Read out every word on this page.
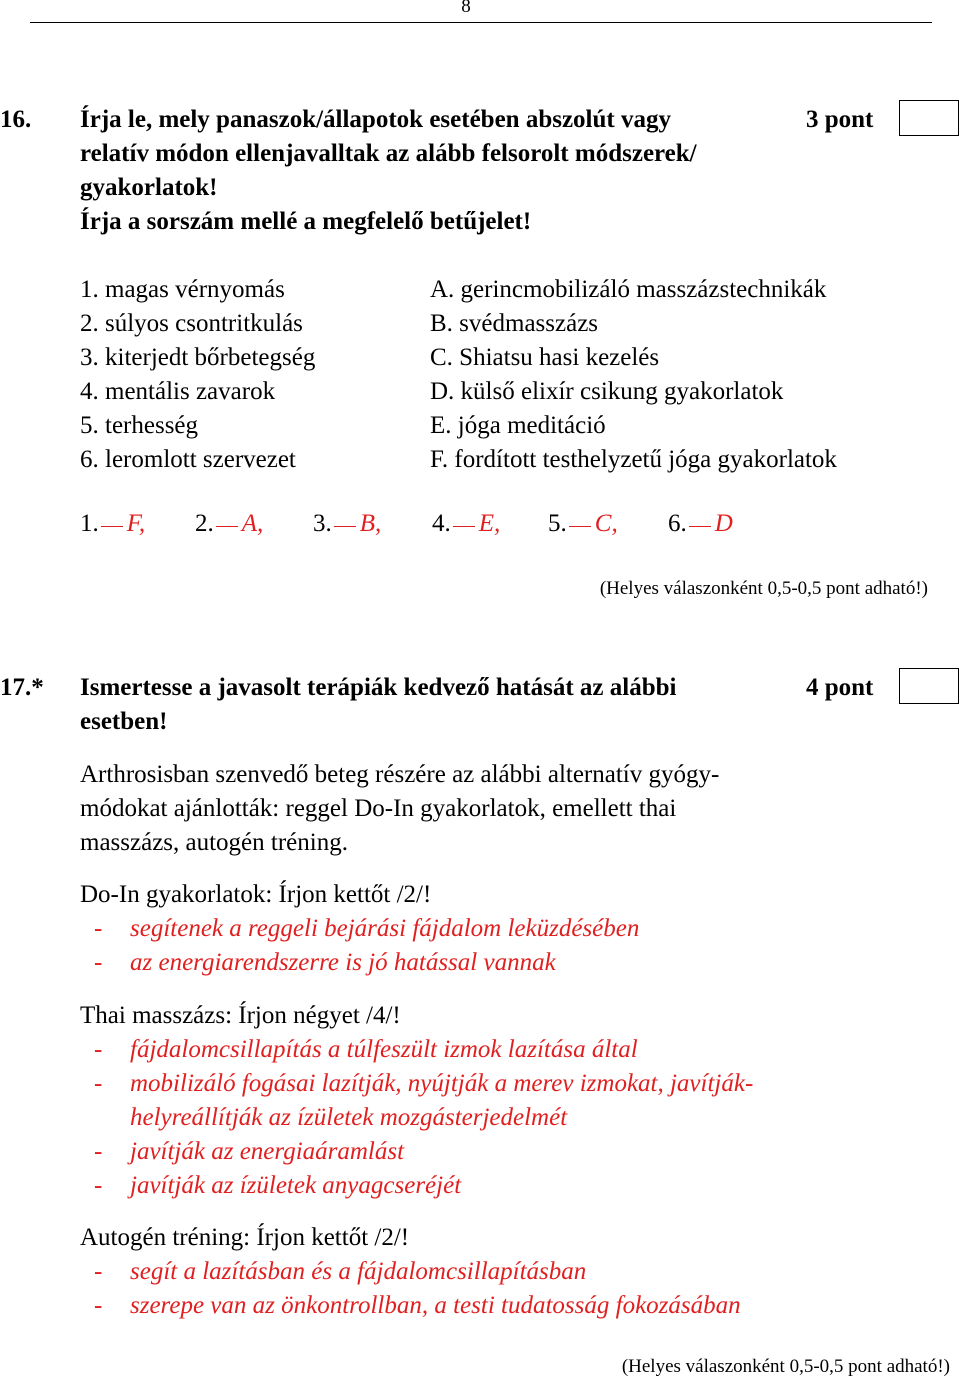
8
16. Írja le, mely panaszok/állapotok esetében abszolút vagy
relatív módon ellenjavalltak az alább felsorolt módszerek/
gyakorlatok!
Írja a sorszám mellé a megfelelő betűjelet!
3 pont
1. magas vérnyomás
2. súlyos csontritkulás
3. kiterjedt bőrbetegség
4. mentális zavarok
5. terhesség
6. leromlott szervezet
A. gerincmobilizáló masszázstechnikák
B. svédmasszázs
C. Shiatsu hasi kezelés
D. külső elixír csikung gyakorlatok
E. jóga meditáció
F. fordított testhelyzetű jóga gyakorlatok
1. F, 2. A, 3. B, 4. E, 5. C, 6. D
(Helyes válaszonként 0,5-0,5 pont adható!)
17.* Ismertesse a javasolt terápiák kedvező hatását az alábbi
esetben!
4 pont
Arthrosisban szenvedő beteg részére az alábbi alternatív gyógy-
módokat ajánlották: reggel Do-In gyakorlatok, emellett thai
masszázs, autogén tréning.
Do-In gyakorlatok: Írjon kettőt /2/!
- segítenek a reggeli bejárási fájdalom leküzdésében
- az energiarendszerre is jó hatással vannak
Thai masszázs: Írjon négyet /4/!
- fájdalomcsillapítás a túlfeszült izmok lazítása által
- mobilizáló fogásai lazítják, nyújtják a merev izmokat, javítják-
helyreállítják az ízületek mozgásterjedelmét
- javítják az energiaáramlást
- javítják az ízületek anyagcseréjét
Autogén tréning: Írjon kettőt /2/!
- segít a lazításban és a fájdalomcsillapításban
- szerepe van az önkontrollban, a testi tudatosság fokozásában
(Helyes válaszonként 0,5-0,5 pont adható!)
